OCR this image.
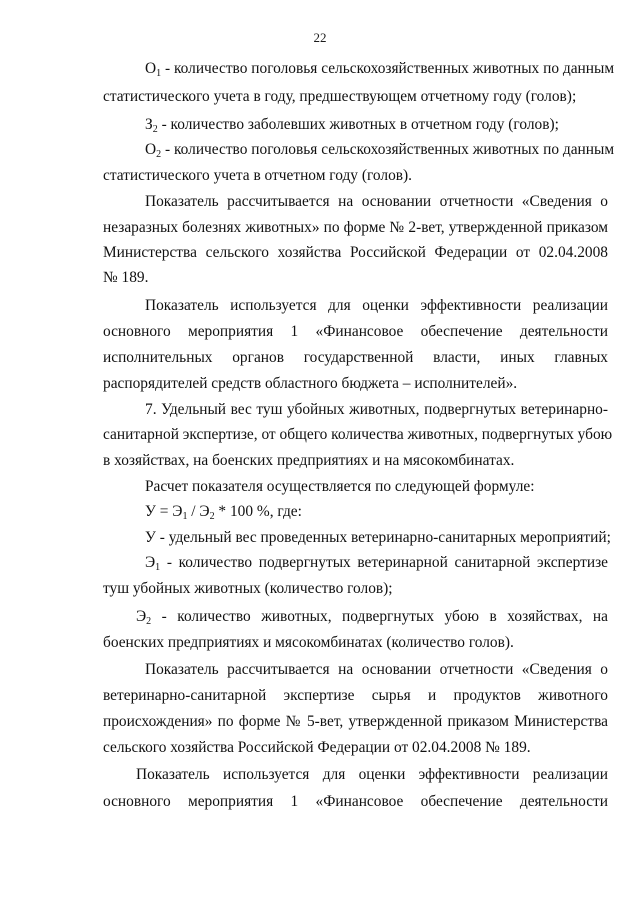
22
$O_1$ - количество поголовья сельскохозяйственных животных по данным
статистического учета в году, предшествующем отчетному году (голов);
$З_2$ - количество заболевших животных в отчетном году (голов);
$O_2$ - количество поголовья сельскохозяйственных животных по данным
статистического учета в отчетном году (голов).
Показатель рассчитывается на основании отчетности «Сведения о
незаразных болезнях животных» по форме № 2-вет, утвержденной приказом
Министерства сельского хозяйства Российской Федерации от 02.04.2008
№ 189.
Показатель используется для оценки эффективности реализации
основного мероприятия 1 «Финансовое обеспечение деятельности
исполнительных органов государственной власти, иных главных
распорядителей средств областного бюджета – исполнителей».
7. Удельный вес туш убойных животных, подвергнутых ветеринарно-
санитарной экспертизе, от общего количества животных, подвергнутых убою
в хозяйствах, на боенских предприятиях и на мясокомбинатах.
Расчет показателя осуществляется по следующей формуле:
$У = Э_1 / Э_2 * 100$ %, где:
У - удельный вес проведенных ветеринарно-санитарных мероприятий;
$Э_1$ - количество подвергнутых ветеринарной санитарной экспертизе
туш убойных животных (количество голов);
$Э_2$ - количество животных, подвергнутых убою в хозяйствах, на
боенских предприятиях и мясокомбинатах (количество голов).
Показатель рассчитывается на основании отчетности «Сведения о
ветеринарно-санитарной экспертизе сырья и продуктов животного
происхождения» по форме № 5-вет, утвержденной приказом Министерства
сельского хозяйства Российской Федерации от 02.04.2008 № 189.
Показатель используется для оценки эффективности реализации
основного мероприятия 1 «Финансовое обеспечение деятельности
